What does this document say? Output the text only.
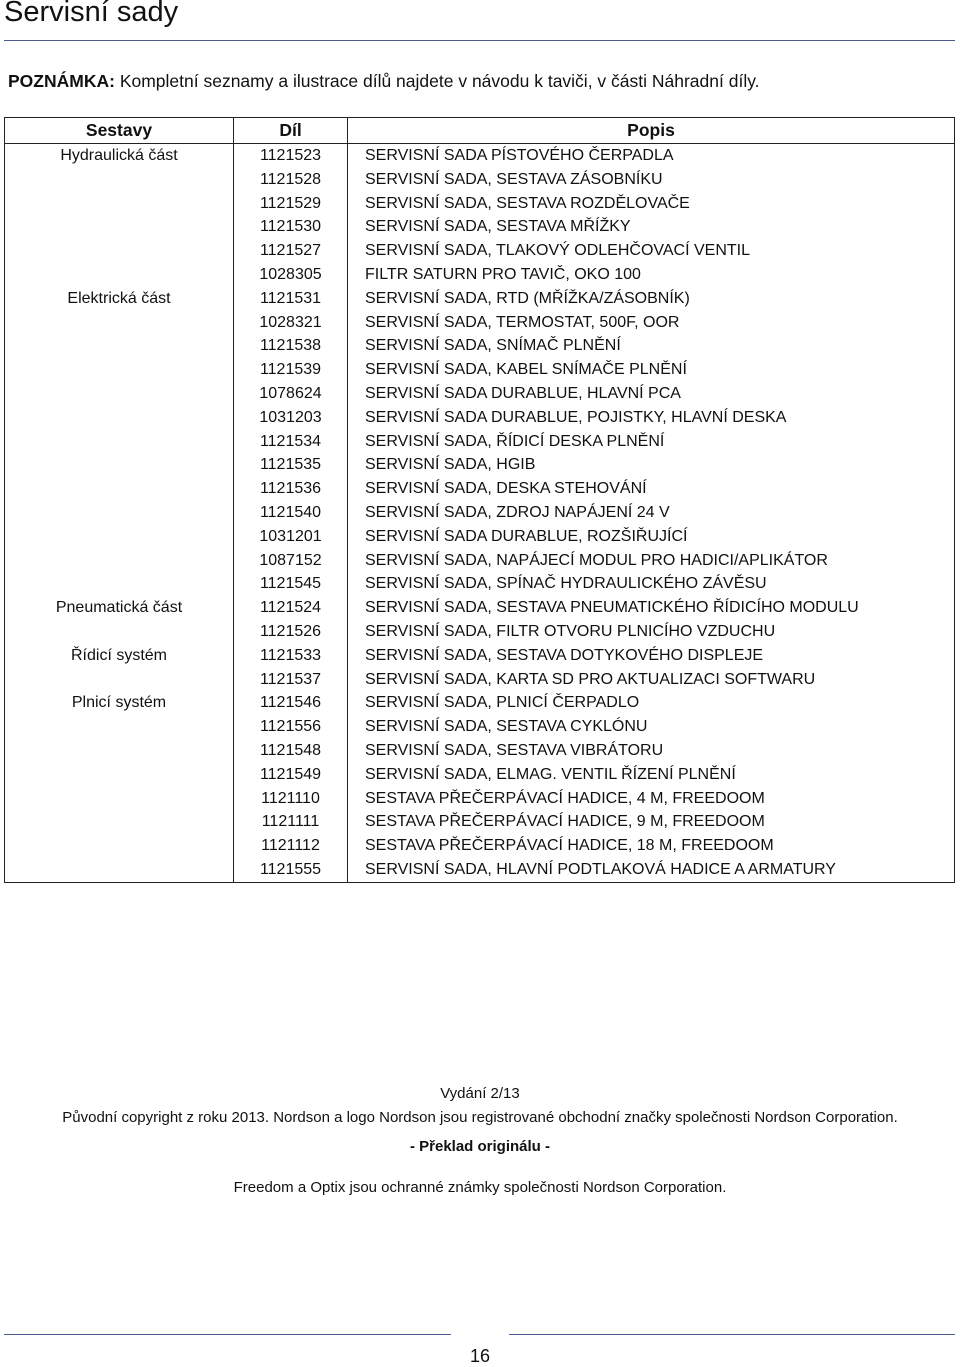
Servisní sady
POZNÁMKA: Kompletní seznamy a ilustrace dílů najdete v návodu k taviči, v části Náhradní díly.
Sestavy	Díl	Popis
Hydraulická část	1121523	SERVISNÍ SADA PÍSTOVÉHO ČERPADLA
	1121528	SERVISNÍ SADA, SESTAVA ZÁSOBNÍKU
	1121529	SERVISNÍ SADA, SESTAVA ROZDĚLOVAČE
	1121530	SERVISNÍ SADA, SESTAVA MŘÍŽKY
	1121527	SERVISNÍ SADA, TLAKOVÝ ODLEHČOVACÍ VENTIL
	1028305	FILTR SATURN PRO TAVIČ, OKO 100
Elektrická část	1121531	SERVISNÍ SADA, RTD (MŘÍŽKA/ZÁSOBNÍK)
	1028321	SERVISNÍ SADA, TERMOSTAT, 500F, OOR
	1121538	SERVISNÍ SADA, SNÍMAČ PLNĚNÍ
	1121539	SERVISNÍ SADA, KABEL SNÍMAČE PLNĚNÍ
	1078624	SERVISNÍ SADA DURABLUE, HLAVNÍ PCA
	1031203	SERVISNÍ SADA DURABLUE, POJISTKY, HLAVNÍ DESKA
	1121534	SERVISNÍ SADA, ŘÍDICÍ DESKA PLNĚNÍ
	1121535	SERVISNÍ SADA, HGIB
	1121536	SERVISNÍ SADA, DESKA STEHOVÁNÍ
	1121540	SERVISNÍ SADA, ZDROJ NAPÁJENÍ 24 V
	1031201	SERVISNÍ SADA DURABLUE, ROZŠIŘUJÍCÍ
	1087152	SERVISNÍ SADA, NAPÁJECÍ MODUL PRO HADICI/APLIKÁTOR
	1121545	SERVISNÍ SADA, SPÍNAČ HYDRAULICKÉHO ZÁVĚSU
Pneumatická část	1121524	SERVISNÍ SADA, SESTAVA PNEUMATICKÉHO ŘÍDICÍHO MODULU
	1121526	SERVISNÍ SADA, FILTR OTVORU PLNICÍHO VZDUCHU
Řídicí systém	1121533	SERVISNÍ SADA, SESTAVA DOTYKOVÉHO DISPLEJE
	1121537	SERVISNÍ SADA, KARTA SD PRO AKTUALIZACI SOFTWARU
Plnicí systém	1121546	SERVISNÍ SADA, PLNICÍ ČERPADLO
	1121556	SERVISNÍ SADA, SESTAVA CYKLÓNU
	1121548	SERVISNÍ SADA, SESTAVA VIBRÁTORU
	1121549	SERVISNÍ SADA, ELMAG. VENTIL ŘÍZENÍ PLNĚNÍ
	1121110	SESTAVA PŘEČERPÁVACÍ HADICE, 4 M, FREEDOOM
	1121111	SESTAVA PŘEČERPÁVACÍ HADICE, 9 M, FREEDOOM
	1121112	SESTAVA PŘEČERPÁVACÍ HADICE, 18 M, FREEDOOM
	1121555	SERVISNÍ SADA, HLAVNÍ PODTLAKOVÁ HADICE A ARMATURY
Vydání 2/13
Původní copyright z roku 2013. Nordson a logo Nordson jsou registrované obchodní značky společnosti Nordson Corporation.
- Překlad originálu -
Freedom a Optix jsou ochranné známky společnosti Nordson Corporation.
16
